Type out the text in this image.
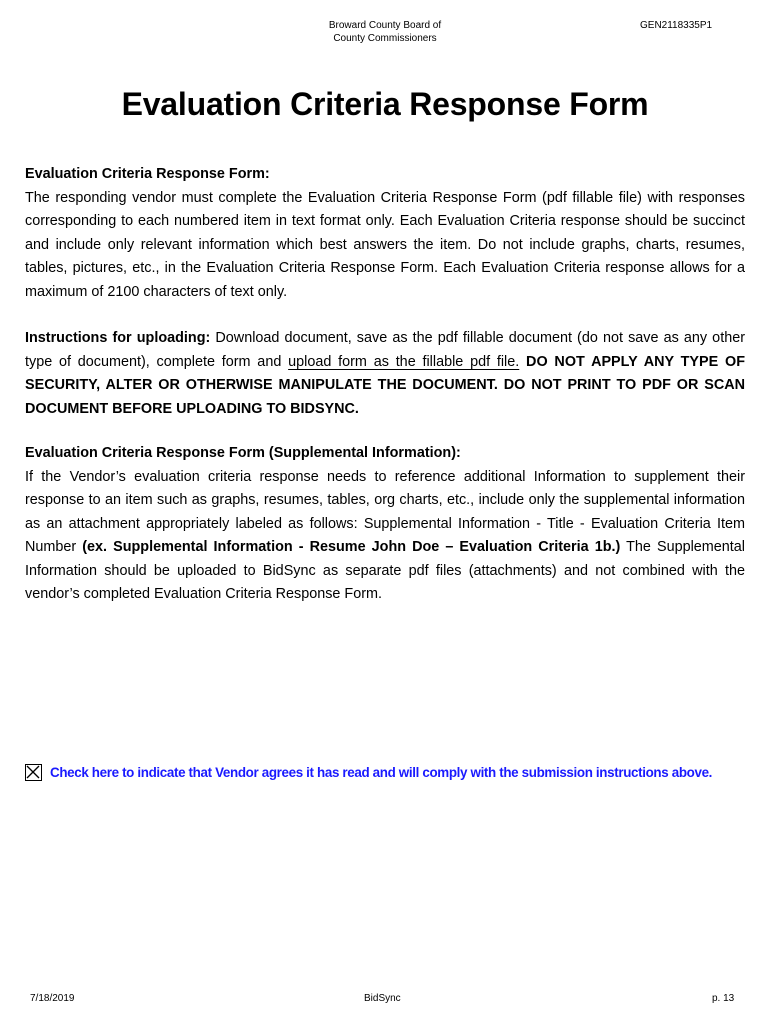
Broward County Board of
County Commissioners
GEN2118335P1
Evaluation Criteria Response Form

Evaluation Criteria Response Form:

The responding vendor must complete the Evaluation Criteria Response Form (pdf fillable file) with responses corresponding to each numbered item in text format only. Each Evaluation Criteria response should be succinct and include only relevant information which best answers the item. Do not include graphs, charts, resumes, tables, pictures, etc., in the Evaluation Criteria Response Form. Each Evaluation Criteria response allows for a maximum of 2100 characters of text only.

Instructions for uploading: Download document, save as the pdf fillable document (do not save as any other type of document), complete form and upload form as the fillable pdf file. DO NOT APPLY ANY TYPE OF SECURITY, ALTER OR OTHERWISE MANIPULATE THE DOCUMENT. DO NOT PRINT TO PDF OR SCAN DOCUMENT BEFORE UPLOADING TO BIDSYNC.

Evaluation Criteria Response Form (Supplemental Information):

If the Vendor’s evaluation criteria response needs to reference additional Information to supplement their response to an item such as graphs, resumes, tables, org charts, etc., include only the supplemental information as an attachment appropriately labeled as follows: Supplemental Information - Title - Evaluation Criteria Item Number (ex. Supplemental Information - Resume John Doe – Evaluation Criteria 1b.) The Supplemental Information should be uploaded to BidSync as separate pdf files (attachments) and not combined with the vendor’s completed Evaluation Criteria Response Form.

Check here to indicate that Vendor agrees it has read and will comply with the submission instructions above.
7/18/2019	BidSync	p. 13
